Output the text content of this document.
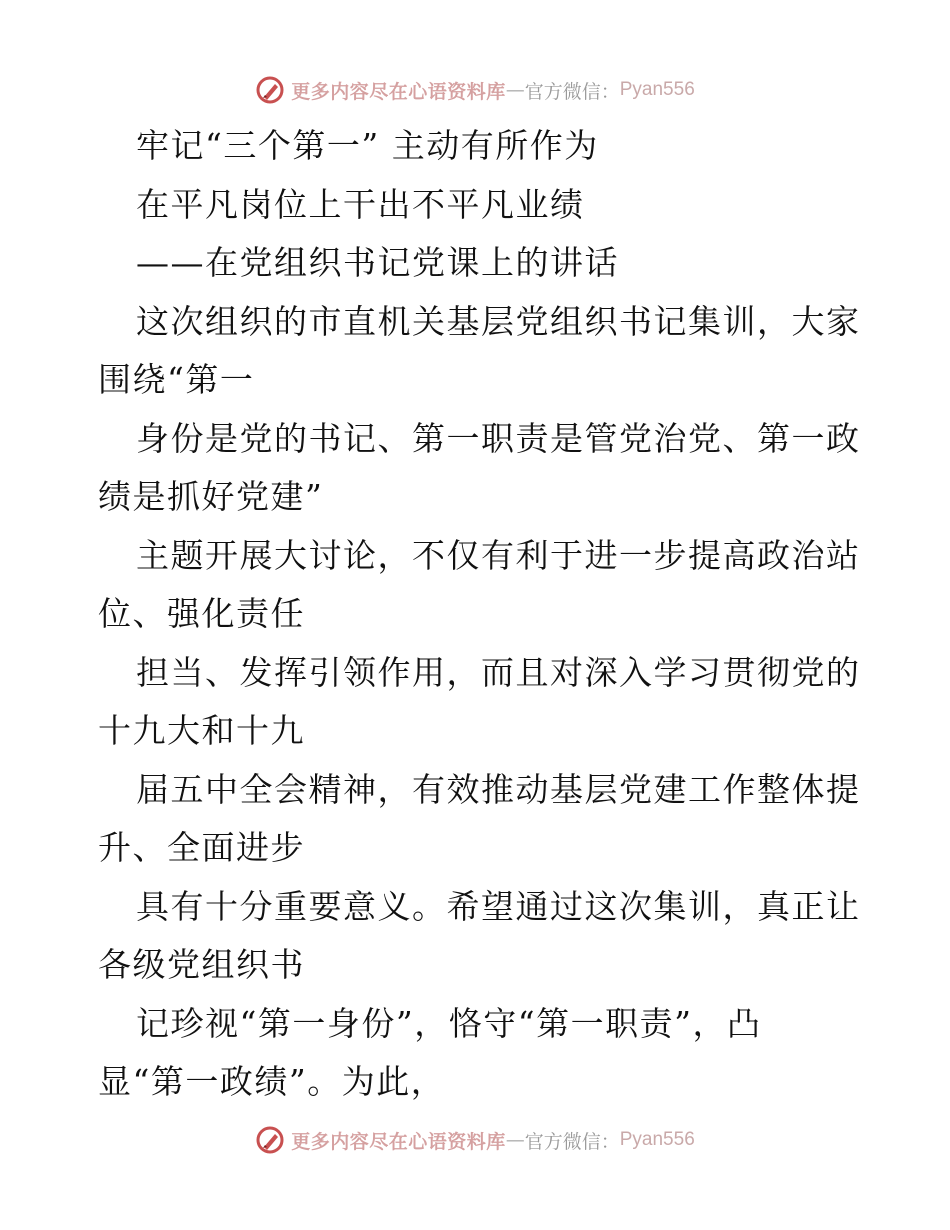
更多内容尽在心语资料库 — 官方微信： Pyan556
牢记“三个第一” 主动有所作为
在平凡岗位上干出不平凡业绩
——在党组织书记党课上的讲话
这次组织的市直机关基层党组织书记集训，大家
围绕“第一
身份是党的书记、第一职责是管党治党、第一政
绩是抓好党建”
主题开展大讨论，不仅有利于进一步提高政治站
位、强化责任
担当、发挥引领作用，而且对深入学习贯彻党的
十九大和十九
届五中全会精神，有效推动基层党建工作整体提
升、全面进步
具有十分重要意义。希望通过这次集训，真正让
各级党组织书
记珍视“第一身份”，恪守“第一职责”，凸
显“第一政绩”。为此，
更多内容尽在心语资料库 — 官方微信： Pyan556
